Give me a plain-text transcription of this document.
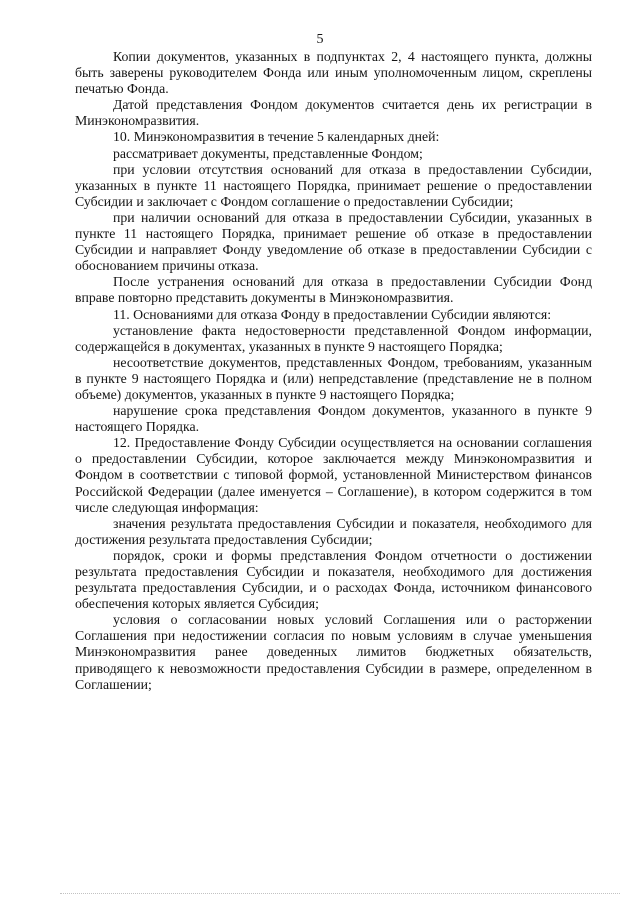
5

Копии документов, указанных в подпунктах 2, 4 настоящего пункта, должны быть заверены руководителем Фонда или иным уполномоченным лицом, скреплены печатью Фонда.

Датой представления Фондом документов считается день их регистрации в Минэкономразвития.

10. Минэкономразвития в течение 5 календарных дней:

рассматривает документы, представленные Фондом;

при условии отсутствия оснований для отказа в предоставлении Субсидии, указанных в пункте 11 настоящего Порядка, принимает решение о предоставлении Субсидии и заключает с Фондом соглашение о предоставлении Субсидии;

при наличии оснований для отказа в предоставлении Субсидии, указанных в пункте 11 настоящего Порядка, принимает решение об отказе в предоставлении Субсидии и направляет Фонду уведомление об отказе в предоставлении Субсидии с обоснованием причины отказа.

После устранения оснований для отказа в предоставлении Субсидии Фонд вправе повторно представить документы в Минэкономразвития.

11. Основаниями для отказа Фонду в предоставлении Субсидии являются:

установление факта недостоверности представленной Фондом информации, содержащейся в документах, указанных в пункте 9 настоящего Порядка;

несоответствие документов, представленных Фондом, требованиям, указанным в пункте 9 настоящего Порядка и (или) непредставление (представление не в полном объеме) документов, указанных в пункте 9 настоящего Порядка;

нарушение срока представления Фондом документов, указанного в пункте 9 настоящего Порядка.

12. Предоставление Фонду Субсидии осуществляется на основании соглашения о предоставлении Субсидии, которое заключается между Минэкономразвития и Фондом в соответствии с типовой формой, установленной Министерством финансов Российской Федерации (далее именуется – Соглашение), в котором содержится в том числе следующая информация:

значения результата предоставления Субсидии и показателя, необходимого для достижения результата предоставления Субсидии;

порядок, сроки и формы представления Фондом отчетности о достижении результата предоставления Субсидии и показателя, необходимого для достижения результата предоставления Субсидии, и о расходах Фонда, источником финансового обеспечения которых является Субсидия;

условия о согласовании новых условий Соглашения или о расторжении Соглашения при недостижении согласия по новым условиям в случае уменьшения Минэкономразвития ранее доведенных лимитов бюджетных обязательств, приводящего к невозможности предоставления Субсидии в размере, определенном в Соглашении;
